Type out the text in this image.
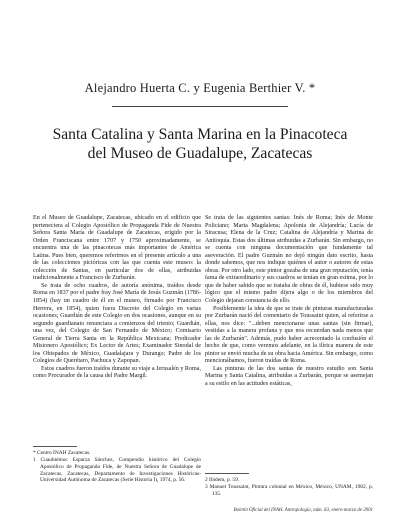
Alejandro Huerta C. y Eugenia Berthier V. *
Santa Catalina y Santa Marina en la Pinacoteca
del Museo de Guadalupe, Zacatecas

En el Museo de Guadalupe, Zacatecas, ubicado en el edificio que perteneciera al Colegio Apostólico de Propaganda Fide de Nuestra Señora Santa María de Guadalupe de Zacatecas, erigido por la Orden Franciscana entre 1707 y 1750 aproximadamente, se encuentra una de las pinacotecas más importantes de América Latina. Pues bien, queremos referirnos en el presente artículo a una de las colecciones pictóricas con las que cuenta este museo: la colección de Santas, en particular dos de ellas, atribuidas tradicionalmente a Francisco de Zurbarán.

Se trata de ocho cuadros, de autoría anónima, traídos desde Roma en 1837 por el padre fray José María de Jesús Guzmán (1786-1854) (hay un cuadro de él en el museo, firmado por Francisco Herrera, en 1854), quien fuera Discreto del Colegio en varias ocasiones; Guardián de este Colegio en dos ocasiones, aunque en su segundo guardianato renunciara a comienzos del trienio; Guardián, una vez, del Colegio de San Fernando de México; Comisario General de Tierra Santa en la República Mexicana; Predicador Misionero Apostólico; Ex Lector de Artes; Examinador Sinodal de los Obispados de México, Guadalajara y Durango; Padre de los Colegios de Querétaro, Pachuca y Zapopan.

Estos cuadros fueron traídos durante su viaje a Jerusalén y Roma, como Procurador de la causa del Padre Margil.

Se trata de las siguientes santas: Inés de Roma; Inés de Monte Policiano; Marta Magdalena; Apolonia de Alejandría; Lucía de Siracusa; Elena de la Cruz; Catalina de Alejandría y Marina de Antioquía. Estas dos últimas atribuidas a Zurbarán. Sin embargo, no se cuenta con ninguna documentación que fundamente tal aseveración. El padre Guzmán no dejó ningún dato escrito, hasta donde sabemos, que nos indique quiénes el autor o autores de estas obras. Por otro lado, este pintor gozaba de una gran reputación, tenía fama de extraordinario y sus cuadros se tenían en gran estima, por lo que de haber sabido que se trataba de obras de él, hubiese sido muy lógico que el mismo padre dijera algo o de los miembros del Colegio dejaran constancia de ello.

Posiblemente la idea de que se trate de pinturas manufacturadas por Zurbarán nació del comentario de Toussaint quien, al referirse a ellas, nos dice: "...deben mencionarse unas santas (sin firmar), vestidas a la manera profana y que nos recuerdan nada menos que las de Zurbarán". Además, pudo haber acrecentado la confusión el hecho de que, como veremos adelante, en la ilírica manera de este pintor se envió mucha de su obra hacia América. Sin embargo, como mencionábamos, fueron traídas de Roma.

Las pinturas de las dos santas de nuestro estudio son Santa Marina y Santa Catalina, atribuidas a Zurbarán, porque se asemejan a su estilo en las actitudes estáticas,

* Centro INAH Zacatecas.

1 Cuauhtémoc Esparza Sánchez, Compendio histórico del Colegio Apostólico de Propaganda Fide, de Nuestra Señora de Guadalupe de Zacatecas, Zacatecas, Departamento de Investigaciones Históricas-Universidad Autónoma de Zacatecas (Serie Historia I), 1974, p. 56.	2 Ibidem, p. 59.

3 Manuel Toussaint, Pintura colonial en México, México, UNAM, 1982, p. 135.

Boletín Oficial del INAH. Antropología, núm. 63, enero-marzo de 2001
